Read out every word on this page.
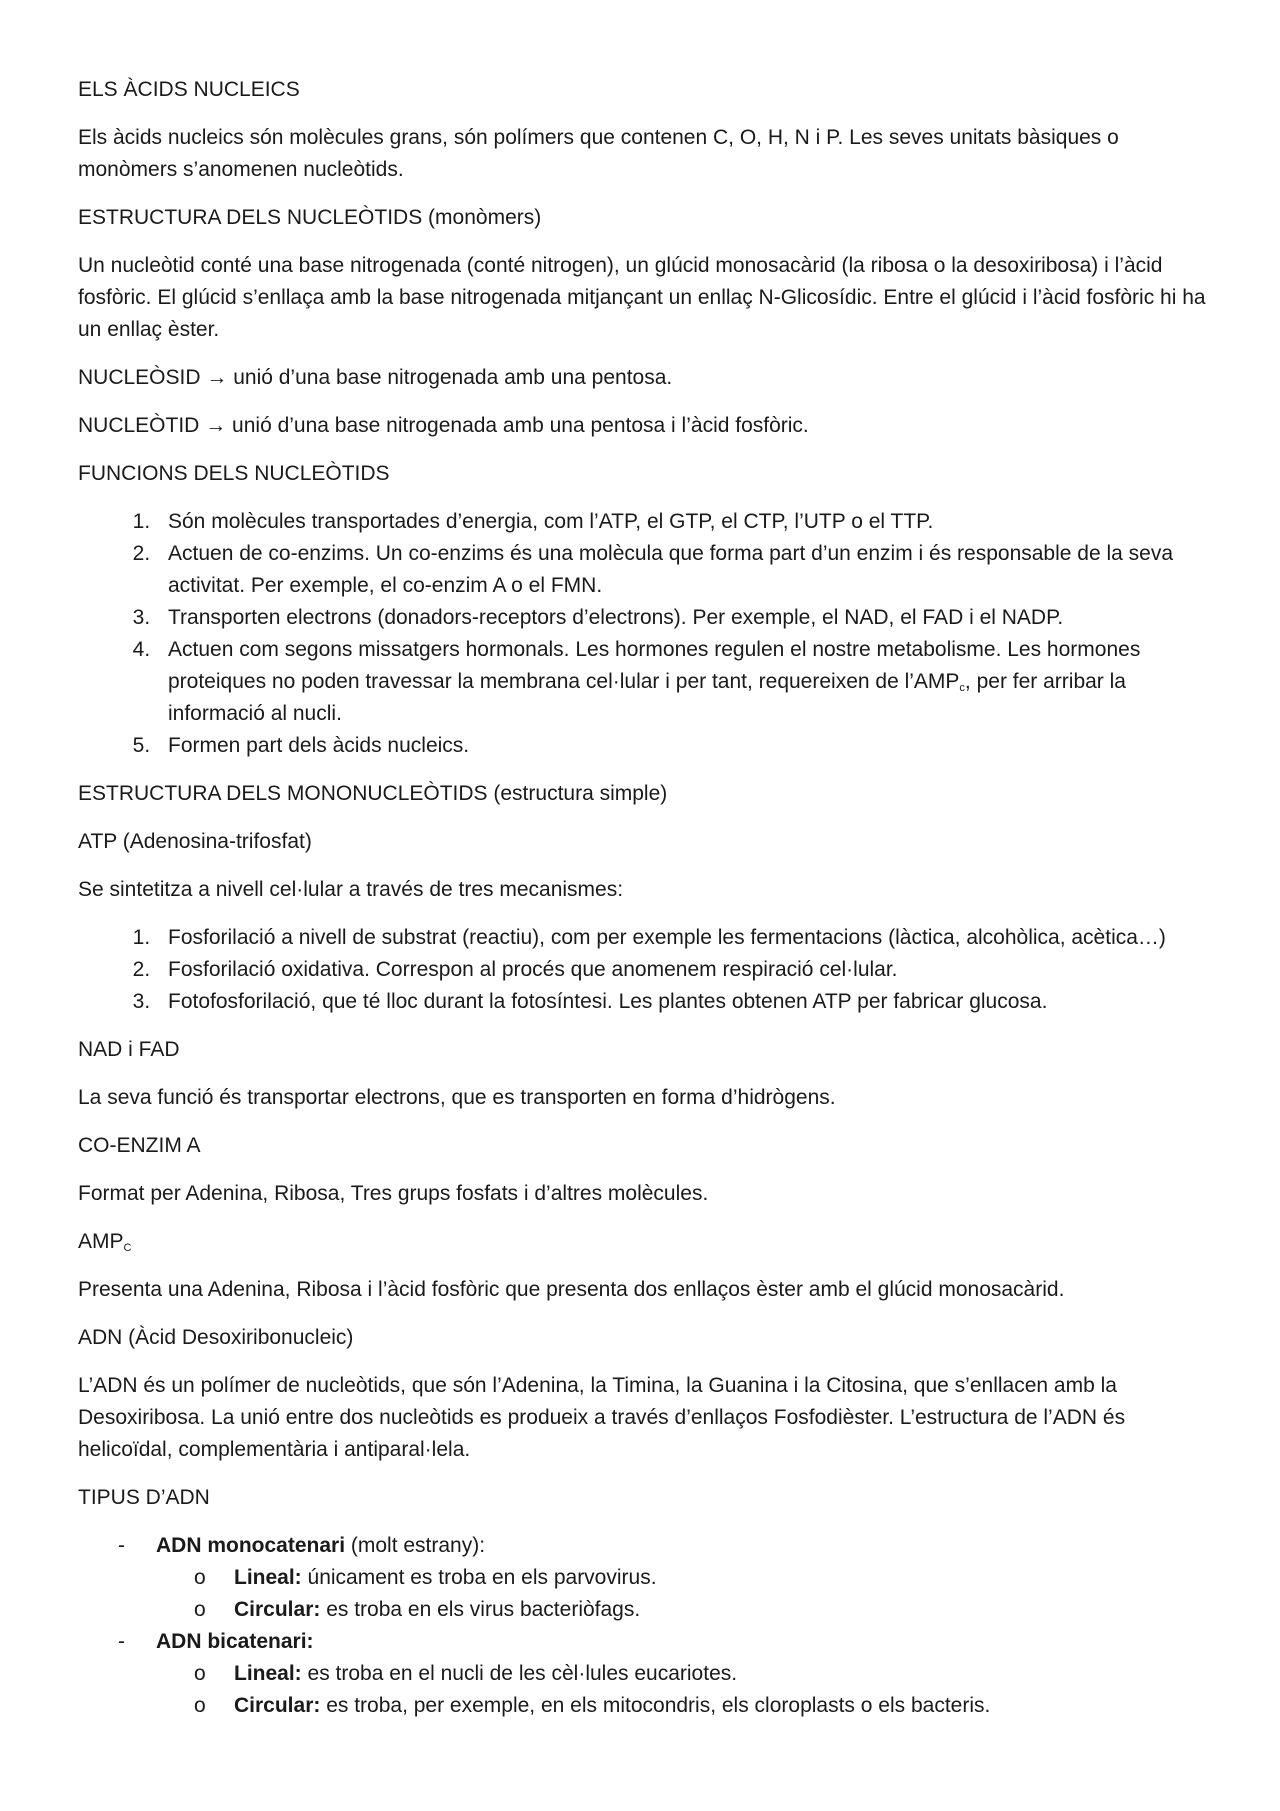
ELS ÀCIDS NUCLEICS

Els àcids nucleics són molècules grans, són polímers que contenen C, O, H, N i P. Les seves unitats bàsiques o monòmers s’anomenen nucleòtids.

ESTRUCTURA DELS NUCLEÒTIDS (monòmers)

Un nucleòtid conté una base nitrogenada (conté nitrogen), un glúcid monosacàrid (la ribosa o la desoxiribosa) i l’àcid fosfòric. El glúcid s’enllaça amb la base nitrogenada mitjançant un enllaç N-Glicosídic. Entre el glúcid i l’àcid fosfòric hi ha un enllaç èster.

NUCLEÒSID → unió d’una base nitrogenada amb una pentosa.

NUCLEÒTID → unió d’una base nitrogenada amb una pentosa i l’àcid fosfòric.

FUNCIONS DELS NUCLEÒTIDS

1. Són molècules transportades d’energia, com l’ATP, el GTP, el CTP, l’UTP o el TTP.
2. Actuen de co-enzims. Un co-enzims és una molècula que forma part d’un enzim i és responsable de la seva activitat. Per exemple, el co-enzim A o el FMN.
3. Transporten electrons (donadors-receptors d’electrons). Per exemple, el NAD, el FAD i el NADP.
4. Actuen com segons missatgers hormonals. Les hormones regulen el nostre metabolisme. Les hormones proteiques no poden travessar la membrana cel·lular i per tant, requereixen de $l’AMP_c$, per fer arribar la informació al nucli.
5. Formen part dels àcids nucleics.

ESTRUCTURA DELS MONONUCLEÒTIDS (estructura simple)

ATP (Adenosina-trifosfat)

Se sintetitza a nivell cel·lular a través de tres mecanismes:

1. Fosforilació a nivell de substrat (reactiu), com per exemple les fermentacions (làctica, alcohòlica, acètica…)
2. Fosforilació oxidativa. Correspon al procés que anomenem respiració cel·lular.
3. Fotofosforilació, que té lloc durant la fotosíntesi. Les plantes obtenen ATP per fabricar glucosa.

NAD i FAD

La seva funció és transportar electrons, que es transporten en forma d’hidrògens.

CO-ENZIM A

Format per Adenina, Ribosa, Tres grups fosfats i d’altres molècules.

$AMP_C$

Presenta una Adenina, Ribosa i l’àcid fosfòric que presenta dos enllaços èster amb el glúcid monosacàrid.

ADN (Àcid Desoxiribonucleic)

L’ADN és un polímer de nucleòtids, que són l’Adenina, la Timina, la Guanina i la Citosina, que s’enllacen amb la Desoxiribosa. La unió entre dos nucleòtids es produeix a través d’enllaços Fosfodièster. L’estructura de l’ADN és helicoïdal, complementària i antiparal·lela.

TIPUS D’ADN

- ADN monocatenari (molt estrany):
o Lineal: únicament es troba en els parvovirus.
o Circular: es troba en els virus bacteriòfags.
- ADN bicatenari:
o Lineal: es troba en el nucli de les cèl·lules eucariotes.
o Circular: es troba, per exemple, en els mitocondris, els cloroplasts o els bacteris.
